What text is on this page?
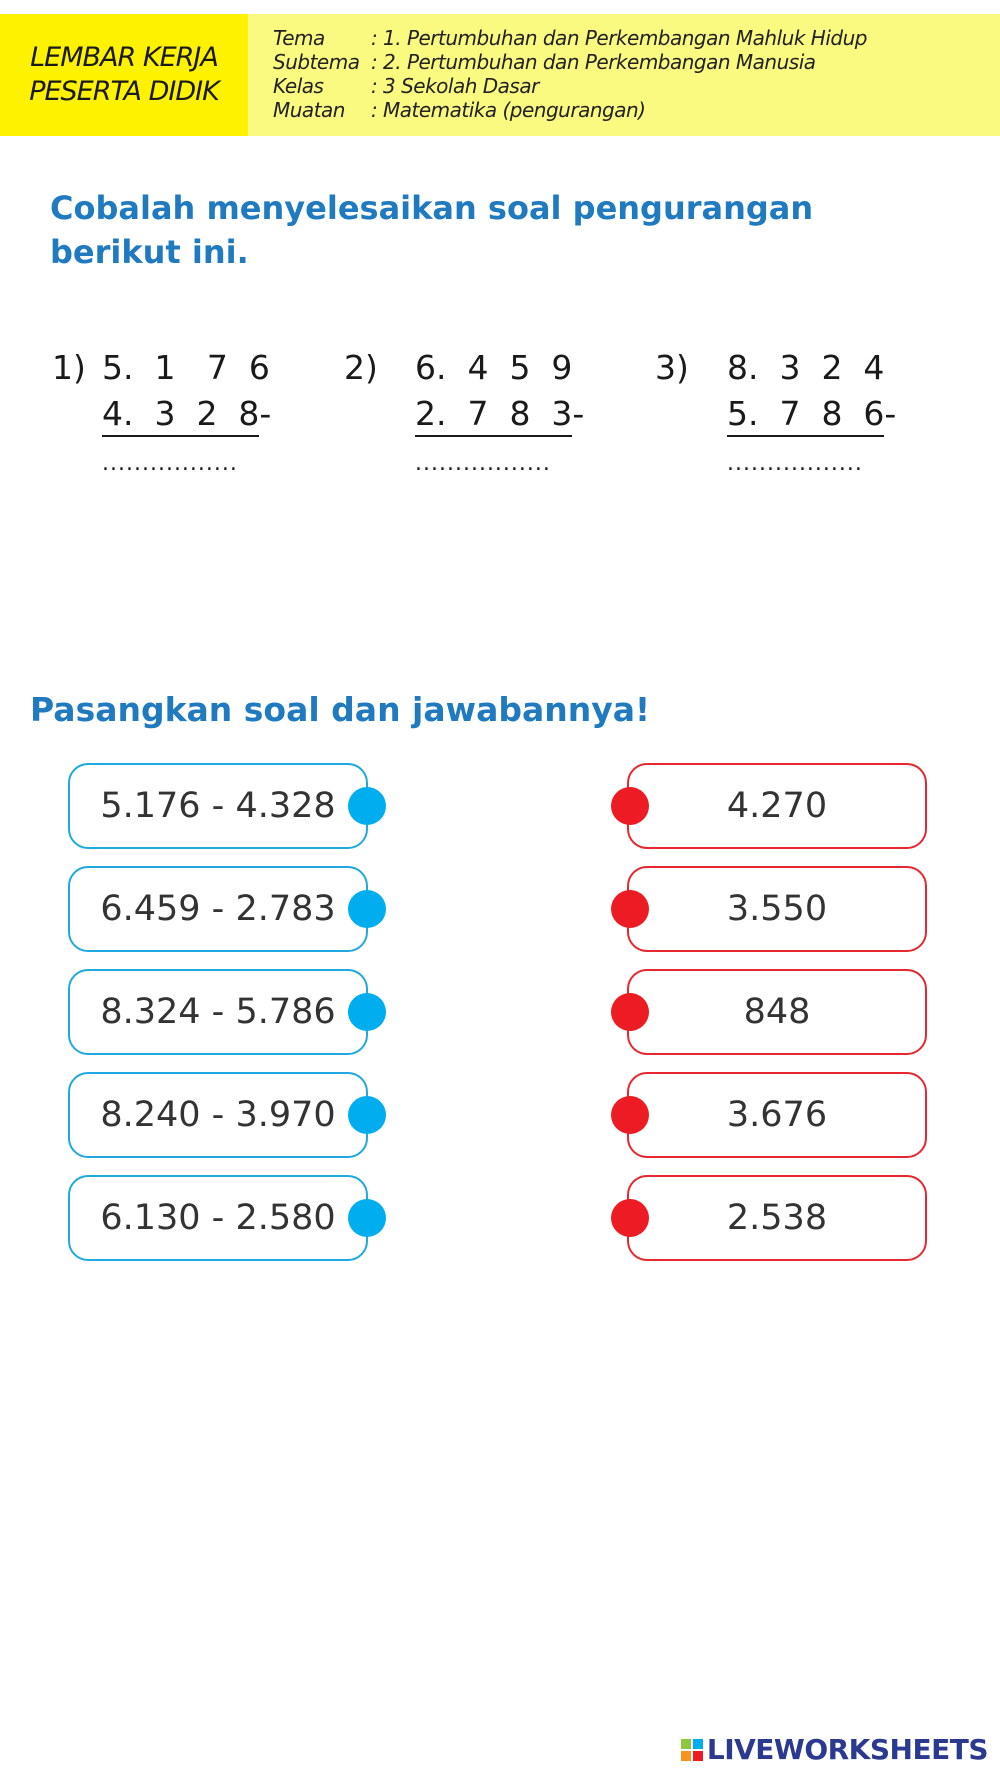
LEMBAR KERJA
PESERTA DIDIK
Tema	: 1. Pertumbuhan dan Perkembangan Mahluk Hidup
Subtema : 2. Pertumbuhan dan Perkembangan Manusia
Kelas	: 3 Sekolah Dasar
Muatan	: Matematika (pengurangan)
Cobalah menyelesaikan soal pengurangan berikut ini.
1) 5.  1   7  6
4.  3  2  8-
.................
2) 6.  4  5  9
2.  7  8  3-
.................
3) 8.  3  2  4
5.  7  8  6-
.................
Pasangkan soal dan jawabannya!
5.176 - 4.328
6.459 - 2.783
8.324 - 5.786
8.240 - 3.970
6.130 - 2.580
4.270
3.550
848
3.676
2.538
LIVEWORKSHEETS
